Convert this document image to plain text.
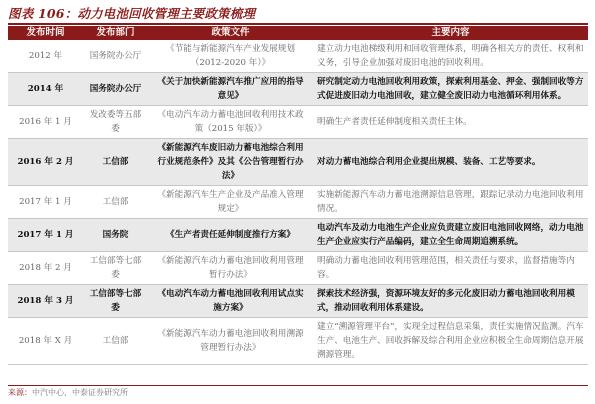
图表 106：动力电池回收管理主要政策梳理
发布时间	发布部门	政策文件	主要内容
2012 年	国务院办公厅	《节能与新能源汽车产业发展规划（2012-2020 年）》	建立动力电池梯级利用和回收管理体系，明确各相关方的责任、权利和义务，引导企业加强对废旧电池的回收利用。
2014 年	国务院办公厅	《关于加快新能源汽车推广应用的指导意见》	研究制定动力电池回收利用政策，探索利用基金、押金、强制回收等方式促进废旧动力电池回收，建立健全废旧动力电池循环利用体系。
2016 年 1 月	发改委等五部委	《电动汽车动力蓄电池回收利用技术政策（2015 年版）》	明确生产者责任延伸制度相关责任主体。
2016 年 2 月	工信部	《新能源汽车废旧动力蓄电池综合利用行业规范条件》及其《公告管理暂行办法》	对动力蓄电池综合利用企业提出规模、装备、工艺等要求。
2017 年 1 月	工信部	《新能源汽车生产企业及产品准入管理规定》	实施新能源汽车动力蓄电池溯源信息管理，跟踪记录动力电池回收利用情况。
2017 年 1 月	国务院	《生产者责任延伸制度推行方案》	电动汽车及动力电池生产企业应负责建立废旧电池回收网络，动力电池生产企业应实行产品编码，建立全生命周期追溯系统。
2018 年 2 月	工信部等七部委	《新能源汽车动力蓄电池回收利用管理暂行办法》	明确动力蓄电池回收利用管理范围，相关责任与要求，监督措施等内容。
2018 年 3 月	工信部等七部委	《电动汽车动力蓄电池回收利用试点实施方案》	探索技术经济强，资源环境友好的多元化废旧动力蓄电池回收利用模式，推动回收利用体系建设。
2018 年 X 月	工信部	《新能源汽车动力蓄电池回收利用溯源管理暂行办法》	建立“溯源管理平台”，实现全过程信息采集，责任实施情况监测。汽车生产、电池生产、回收拆解及综合利用企业应积极全生命周期信息开展溯源管理。
来源：中汽中心，中泰证券研究所
